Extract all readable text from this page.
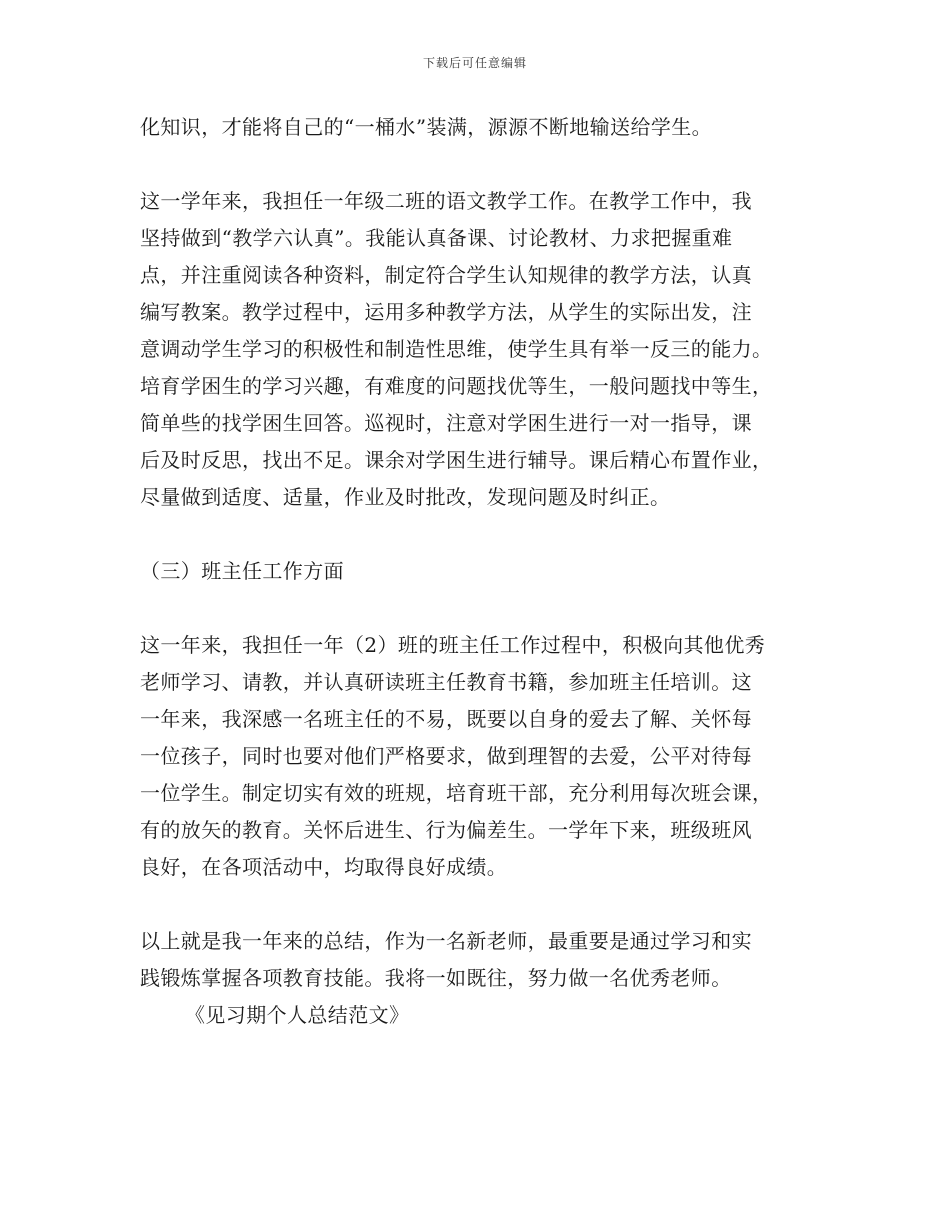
下载后可任意编辑

化知识，才能将自己的“一桶水”装满，源源不断地输送给学生。

这一学年来，我担任一年级二班的语文教学工作。在教学工作中，我

坚持做到“教学六认真”。我能认真备课、讨论教材、力求把握重难

点，并注重阅读各种资料，制定符合学生认知规律的教学方法，认真

编写教案。教学过程中，运用多种教学方法，从学生的实际出发，注

意调动学生学习的积极性和制造性思维，使学生具有举一反三的能力。

培育学困生的学习兴趣，有难度的问题找优等生，一般问题找中等生，

简单些的找学困生回答。巡视时，注意对学困生进行一对一指导，课

后及时反思，找出不足。课余对学困生进行辅导。课后精心布置作业，

尽量做到适度、适量，作业及时批改，发现问题及时纠正。

（三）班主任工作方面

这一年来，我担任一年（2）班的班主任工作过程中，积极向其他优秀

老师学习、请教，并认真研读班主任教育书籍，参加班主任培训。这

一年来，我深感一名班主任的不易，既要以自身的爱去了解、关怀每

一位孩子，同时也要对他们严格要求，做到理智的去爱，公平对待每

一位学生。制定切实有效的班规，培育班干部，充分利用每次班会课，

有的放矢的教育。关怀后进生、行为偏差生。一学年下来，班级班风

良好，在各项活动中，均取得良好成绩。

以上就是我一年来的总结，作为一名新老师，最重要是通过学习和实

践锻炼掌握各项教育技能。我将一如既往，努力做一名优秀老师。

《见习期个人总结范文》
